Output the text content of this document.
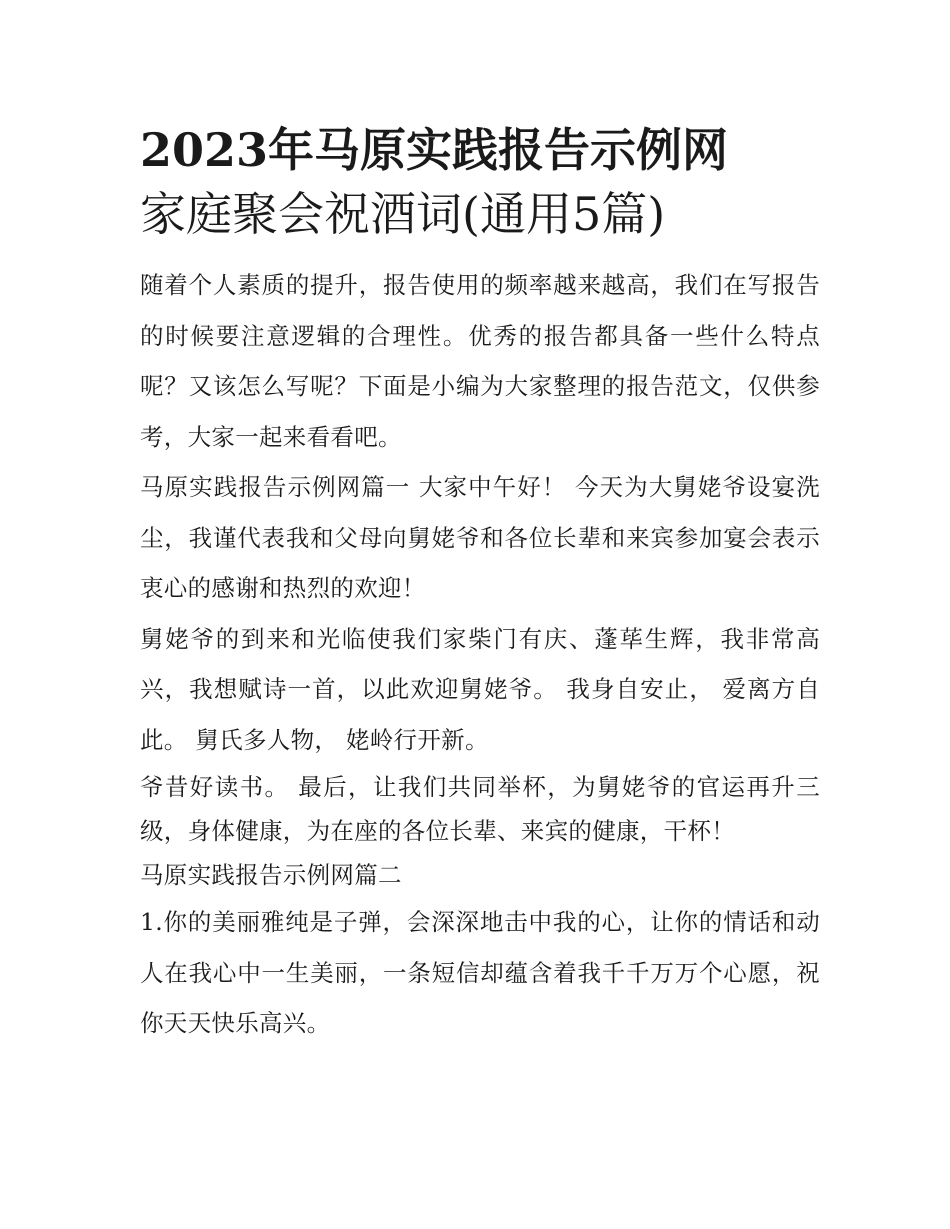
2023年马原实践报告示例网
家庭聚会祝酒词(通用5篇)

随着个人素质的提升，报告使用的频率越来越高，我们在写报告的时候要注意逻辑的合理性。优秀的报告都具备一些什么特点呢？又该怎么写呢？下面是小编为大家整理的报告范文，仅供参考，大家一起来看看吧。

马原实践报告示例网篇一 大家中午好！ 今天为大舅姥爷设宴洗尘，我谨代表我和父母向舅姥爷和各位长辈和来宾参加宴会表示衷心的感谢和热烈的欢迎！

舅姥爷的到来和光临使我们家柴门有庆、蓬荜生辉，我非常高兴，我想赋诗一首，以此欢迎舅姥爷。 我身自安止， 爱离方自此。 舅氏多人物， 姥岭行开新。

爷昔好读书。 最后，让我们共同举杯，为舅姥爷的官运再升三级，身体健康，为在座的各位长辈、来宾的健康，干杯！

马原实践报告示例网篇二

1.你的美丽雅纯是子弹，会深深地击中我的心，让你的情话和动人在我心中一生美丽，一条短信却蕴含着我千千万万个心愿，祝你天天快乐高兴。
